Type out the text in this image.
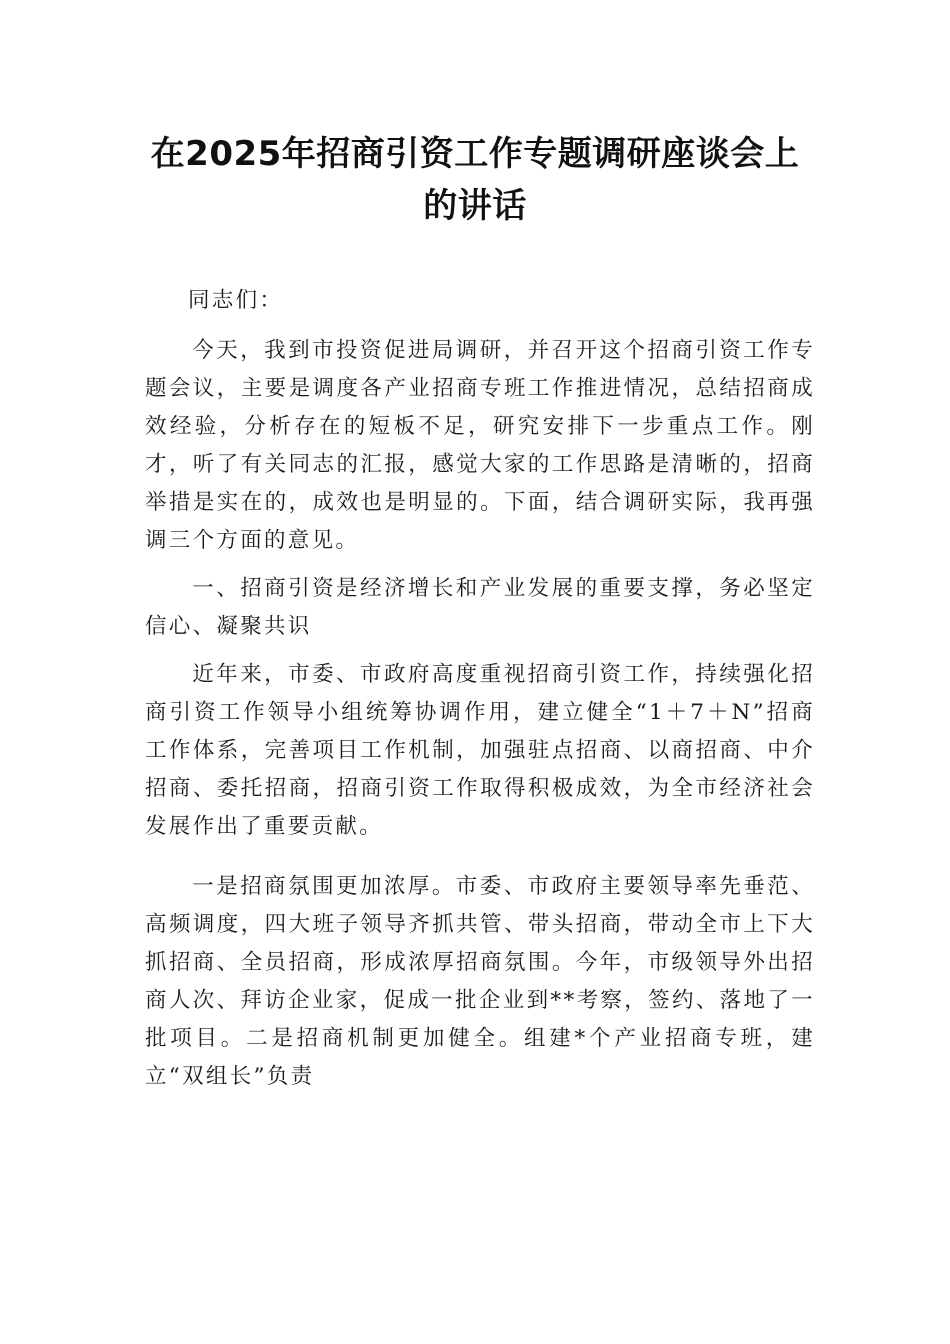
在2025年招商引资工作专题调研座谈会上的讲话

同志们：

今天，我到市投资促进局调研，并召开这个招商引资工作专题会议，主要是调度各产业招商专班工作推进情况，总结招商成效经验，分析存在的短板不足，研究安排下一步重点工作。刚才，听了有关同志的汇报，感觉大家的工作思路是清晰的，招商举措是实在的，成效也是明显的。下面，结合调研实际，我再强调三个方面的意见。

一、招商引资是经济增长和产业发展的重要支撑，务必坚定信心、凝聚共识

近年来，市委、市政府高度重视招商引资工作，持续强化招商引资工作领导小组统筹协调作用，建立健全“1＋7＋N”招商工作体系，完善项目工作机制，加强驻点招商、以商招商、中介招商、委托招商，招商引资工作取得积极成效，为全市经济社会发展作出了重要贡献。

一是招商氛围更加浓厚。市委、市政府主要领导率先垂范、高频调度，四大班子领导齐抓共管、带头招商，带动全市上下大抓招商、全员招商，形成浓厚招商氛围。今年，市级领导外出招商人次、拜访企业家，促成一批企业到**考察，签约、落地了一批项目。二是招商机制更加健全。组建*个产业招商专班，建立“双组长”负责
